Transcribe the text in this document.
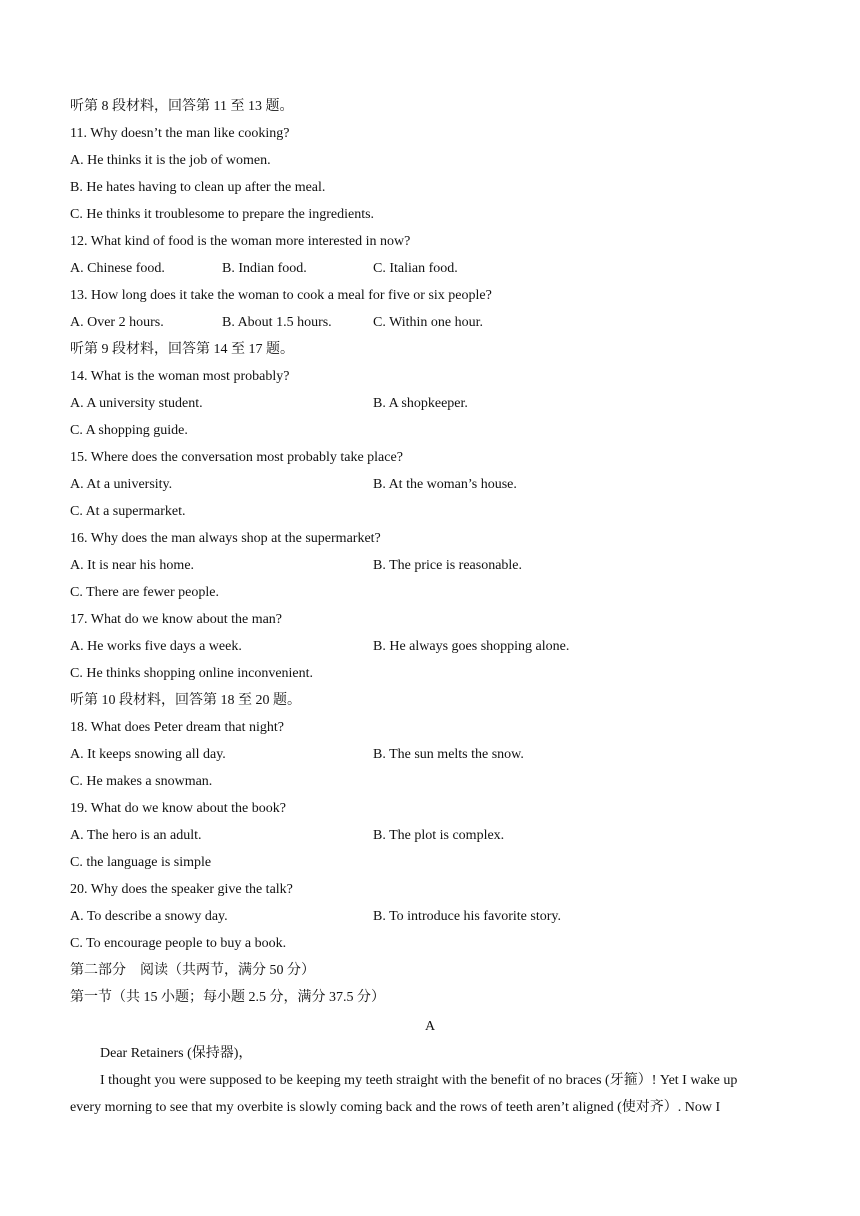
听第 8 段材料，回答第 11 至 13 题。
11. Why doesn’t the man like cooking?
A. He thinks it is the job of women.
B. He hates having to clean up after the meal.
C. He thinks it troublesome to prepare the ingredients.
12. What kind of food is the woman more interested in now?
A. Chinese food.	B. Indian food.	C. Italian food.
13. How long does it take the woman to cook a meal for five or six people?
A. Over 2 hours.	B. About 1.5 hours.	C. Within one hour.
听第 9 段材料，回答第 14 至 17 题。
14. What is the woman most probably?
A. A university student.	B. A shopkeeper.
C. A shopping guide.
15. Where does the conversation most probably take place?
A. At a university.	B. At the woman’s house.
C. At a supermarket.
16. Why does the man always shop at the supermarket?
A. It is near his home.	B. The price is reasonable.
C. There are fewer people.
17. What do we know about the man?
A. He works five days a week.	B. He always goes shopping alone.
C. He thinks shopping online inconvenient.
听第 10 段材料，回答第 18 至 20 题。
18. What does Peter dream that night?
A. It keeps snowing all day.	B. The sun melts the snow.
C. He makes a snowman.
19. What do we know about the book?
A. The hero is an adult.	B. The plot is complex.
C. the language is simple
20. Why does the speaker give the talk?
A. To describe a snowy day.	B. To introduce his favorite story.
C. To encourage people to buy a book.
第二部分　阅读（共两节，满分 50 分）
第一节（共 15 小题；每小题 2.5 分，满分 37.5 分）
A
Dear Retainers (保持器)，
I thought you were supposed to be keeping my teeth straight with the benefit of no braces (牙箍）! Yet I wake up
every morning to see that my overbite is slowly coming back and the rows of teeth aren’t aligned (使对齐）. Now I
